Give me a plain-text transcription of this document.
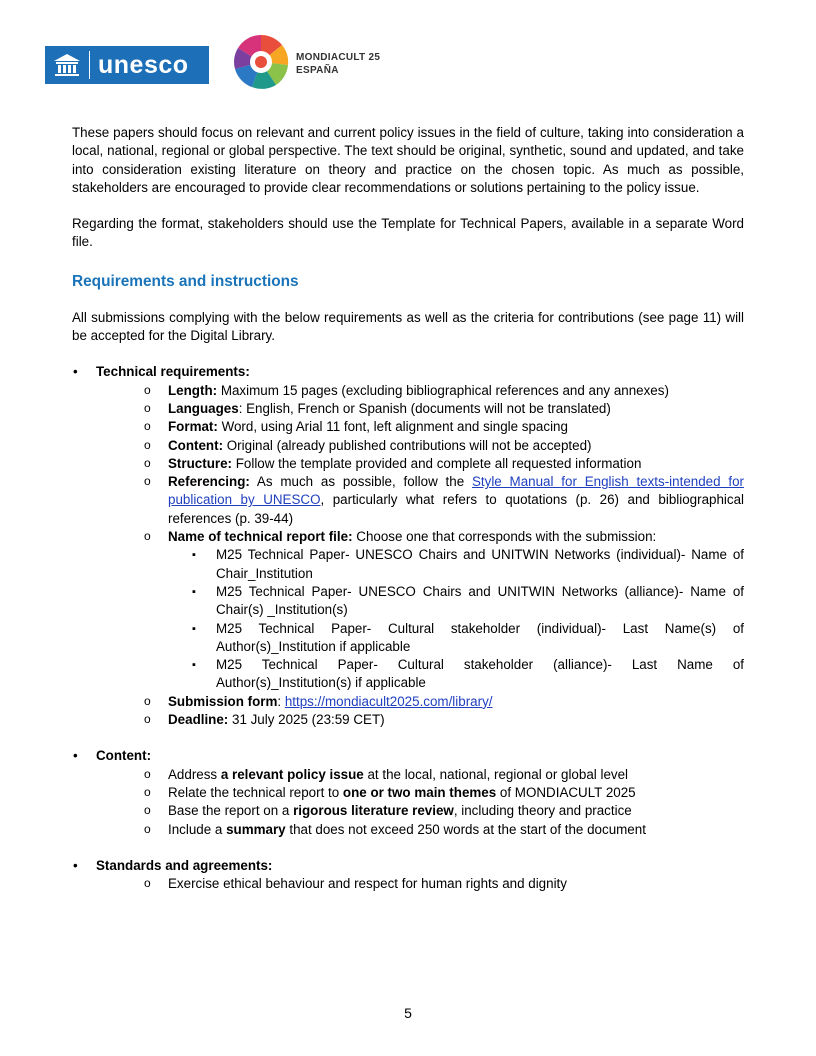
unesco	MONDIACULT 25
ESPAÑA

These papers should focus on relevant and current policy issues in the field of culture, taking into consideration a local, national, regional or global perspective. The text should be original, synthetic, sound and updated, and take into consideration existing literature on theory and practice on the chosen topic. As much as possible, stakeholders are encouraged to provide clear recommendations or solutions pertaining to the policy issue.

Regarding the format, stakeholders should use the Template for Technical Papers, available in a separate Word file.

Requirements and instructions

All submissions complying with the below requirements as well as the criteria for contributions (see page 11) will be accepted for the Digital Library.

• Technical requirements:
o Length: Maximum 15 pages (excluding bibliographical references and any annexes)
o Languages: English, French or Spanish (documents will not be translated)
o Format: Word, using Arial 11 font, left alignment and single spacing
o Content: Original (already published contributions will not be accepted)
o Structure: Follow the template provided and complete all requested information
o Referencing: As much as possible, follow the Style Manual for English texts-intended for publication by UNESCO, particularly what refers to quotations (p. 26) and bibliographical references (p. 39-44)
o Name of technical report file: Choose one that corresponds with the submission:
▪ M25 Technical Paper- UNESCO Chairs and UNITWIN Networks (individual)- Name of Chair_Institution
▪ M25 Technical Paper- UNESCO Chairs and UNITWIN Networks (alliance)- Name of Chair(s) _Institution(s)
▪ M25 Technical Paper- Cultural stakeholder (individual)- Last Name(s) of Author(s)_Institution if applicable
▪ M25 Technical Paper- Cultural stakeholder (alliance)- Last Name of Author(s)_Institution(s) if applicable
o Submission form: https://mondiacult2025.com/library/
o Deadline: 31 July 2025 (23:59 CET)
• Content:
o Address a relevant policy issue at the local, national, regional or global level
o Relate the technical report to one or two main themes of MONDIACULT 2025
o Base the report on a rigorous literature review, including theory and practice
o Include a summary that does not exceed 250 words at the start of the document
• Standards and agreements:
o Exercise ethical behaviour and respect for human rights and dignity
5
